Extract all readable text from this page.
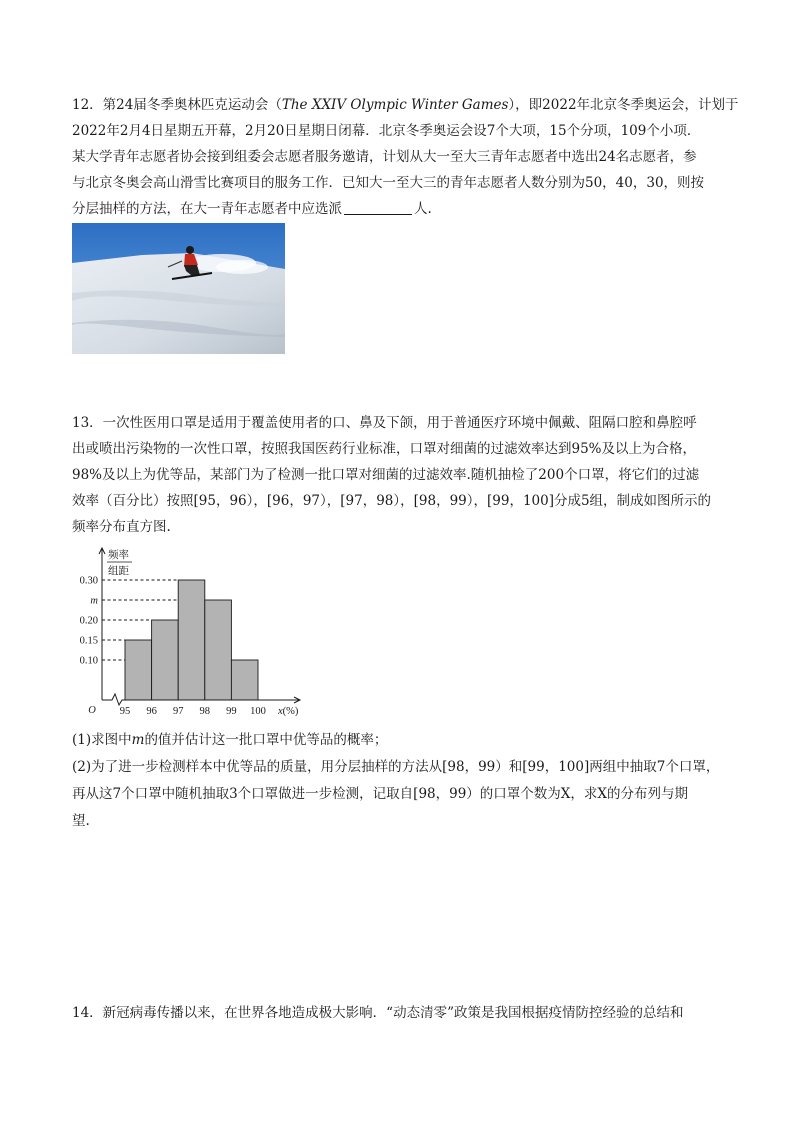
12．第24届冬季奥林匹克运动会（The XXIV Olympic Winter Games），即2022年北京冬季奥运会，计划于
2022年2月4日星期五开幕，2月20日星期日闭幕．北京冬季奥运会设7个大项，15个分项，109个小项．
某大学青年志愿者协会接到组委会志愿者服务邀请，计划从大一至大三青年志愿者中选出24名志愿者，参
与北京冬奥会高山滑雪比赛项目的服务工作．已知大一至大三的青年志愿者人数分别为50，40，30，则按
分层抽样的方法，在大一青年志愿者中应选派	人.
13．一次性医用口罩是适用于覆盖使用者的口、鼻及下颌，用于普通医疗环境中佩戴、阻隔口腔和鼻腔呼
出或喷出污染物的一次性口罩，按照我国医药行业标准，口罩对细菌的过滤效率达到95%及以上为合格，
98%及以上为优等品，某部门为了检测一批口罩对细菌的过滤效率.随机抽检了200个口罩，将它们的过滤
效率（百分比）按照[95，96），[96，97），[97，98），[98，99），[99，100]分成5组，制成如图所示的
频率分布直方图.
0.10
0.15
0.20
m
0.30
频率
组距
O 95 96 97 98 99 100 x(%)
(1)求图中m的值并估计这一批口罩中优等品的概率；
(2)为了进一步检测样本中优等品的质量，用分层抽样的方法从[98，99）和[99，100]两组中抽取7个口罩，
再从这7个口罩中随机抽取3个口罩做进一步检测，记取自[98，99）的口罩个数为X，求X的分布列与期
望.
14．新冠病毒传播以来，在世界各地造成极大影响．“动态清零”政策是我国根据疫情防控经验的总结和
